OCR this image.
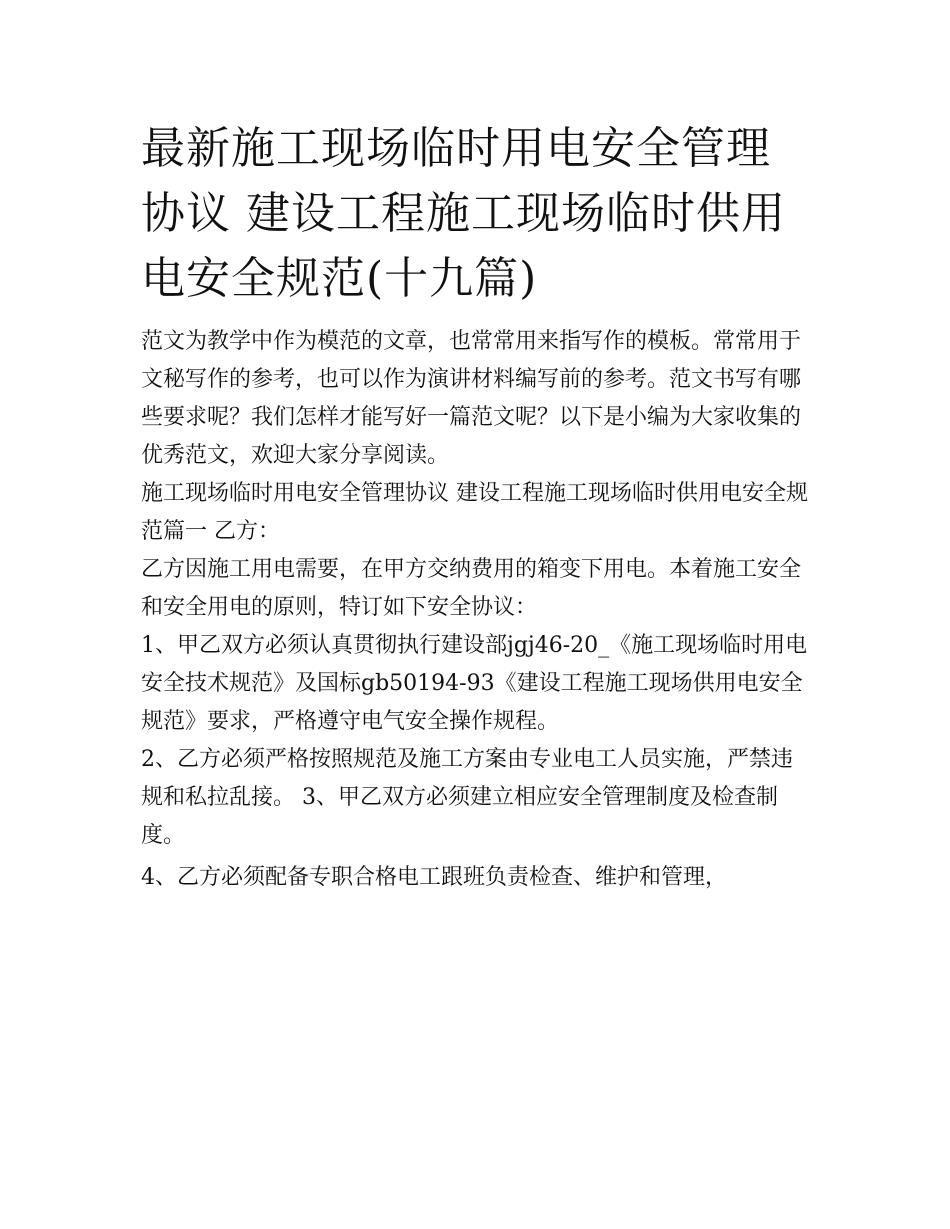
最新施工现场临时用电安全管理协议 建设工程施工现场临时供用电安全规范(十九篇)

范文为教学中作为模范的文章，也常常用来指写作的模板。常常用于文秘写作的参考，也可以作为演讲材料编写前的参考。范文书写有哪些要求呢？我们怎样才能写好一篇范文呢？以下是小编为大家收集的优秀范文，欢迎大家分享阅读。

施工现场临时用电安全管理协议 建设工程施工现场临时供用电安全规范篇一 乙方：

乙方因施工用电需要，在甲方交纳费用的箱变下用电。本着施工安全和安全用电的原则，特订如下安全协议：

1、甲乙双方必须认真贯彻执行建设部jgj46-20_《施工现场临时用电安全技术规范》及国标gb50194-93《建设工程施工现场供用电安全规范》要求，严格遵守电气安全操作规程。

2、乙方必须严格按照规范及施工方案由专业电工人员实施，严禁违规和私拉乱接。 3、甲乙双方必须建立相应安全管理制度及检查制度。

4、乙方必须配备专职合格电工跟班负责检查、维护和管理，
